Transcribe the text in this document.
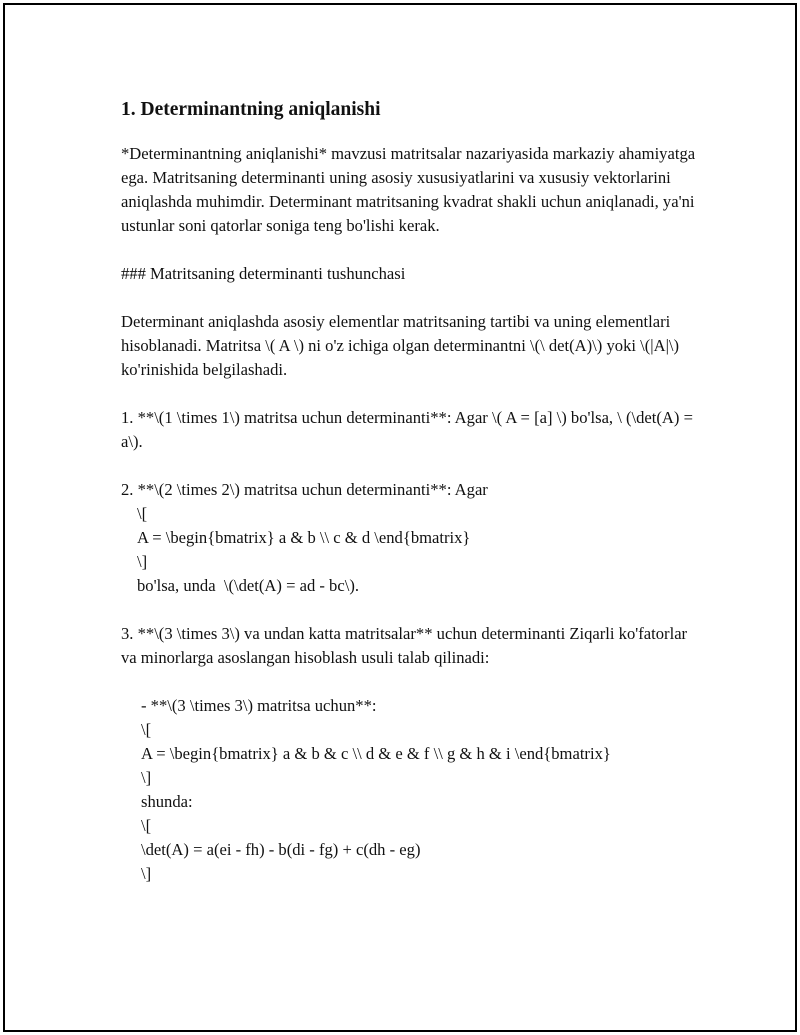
1. Determinantning aniqlanishi

*Determinantning aniqlanishi* mavzusi matritsalar nazariyasida markaziy ahamiyatga ega. Matritsaning determinanti uning asosiy xususiyatlarini va xususiy vektorlarini aniqlashda muhimdir. Determinant matritsaning kvadrat shakli uchun aniqlanadi, ya'ni ustunlar soni qatorlar soniga teng bo'lishi kerak.

### Matritsaning determinanti tushunchasi

Determinant aniqlashda asosiy elementlar matritsaning tartibi va uning elementlari hisoblanadi. Matritsa \( A \) ni o'z ichiga olgan determinantni \(\ det(A)\) yoki \(|A|\) ko'rinishida belgilashadi.

1. **\(1 \times 1\) matritsa uchun determinanti**: Agar \( A = [a] \) bo'lsa, \ (\det(A) = a\).

2. **\(2 \times 2\) matritsa uchun determinanti**: Agar

\[

A = \begin{bmatrix} a & b \\ c & d \end{bmatrix}

\]

bo'lsa, unda  \(\det(A) = ad - bc\).

3. **\(3 \times 3\) va undan katta matritsalar** uchun determinanti Ziqarli ko'fatorlar va minorlarga asoslangan hisoblash usuli talab qilinadi:

- **\(3 \times 3\) matritsa uchun**:

\[

A = \begin{bmatrix} a & b & c \\ d & e & f \\ g & h & i \end{bmatrix}

\]

shunda:

\[

\det(A) = a(ei - fh) - b(di - fg) + c(dh - eg)

\]
